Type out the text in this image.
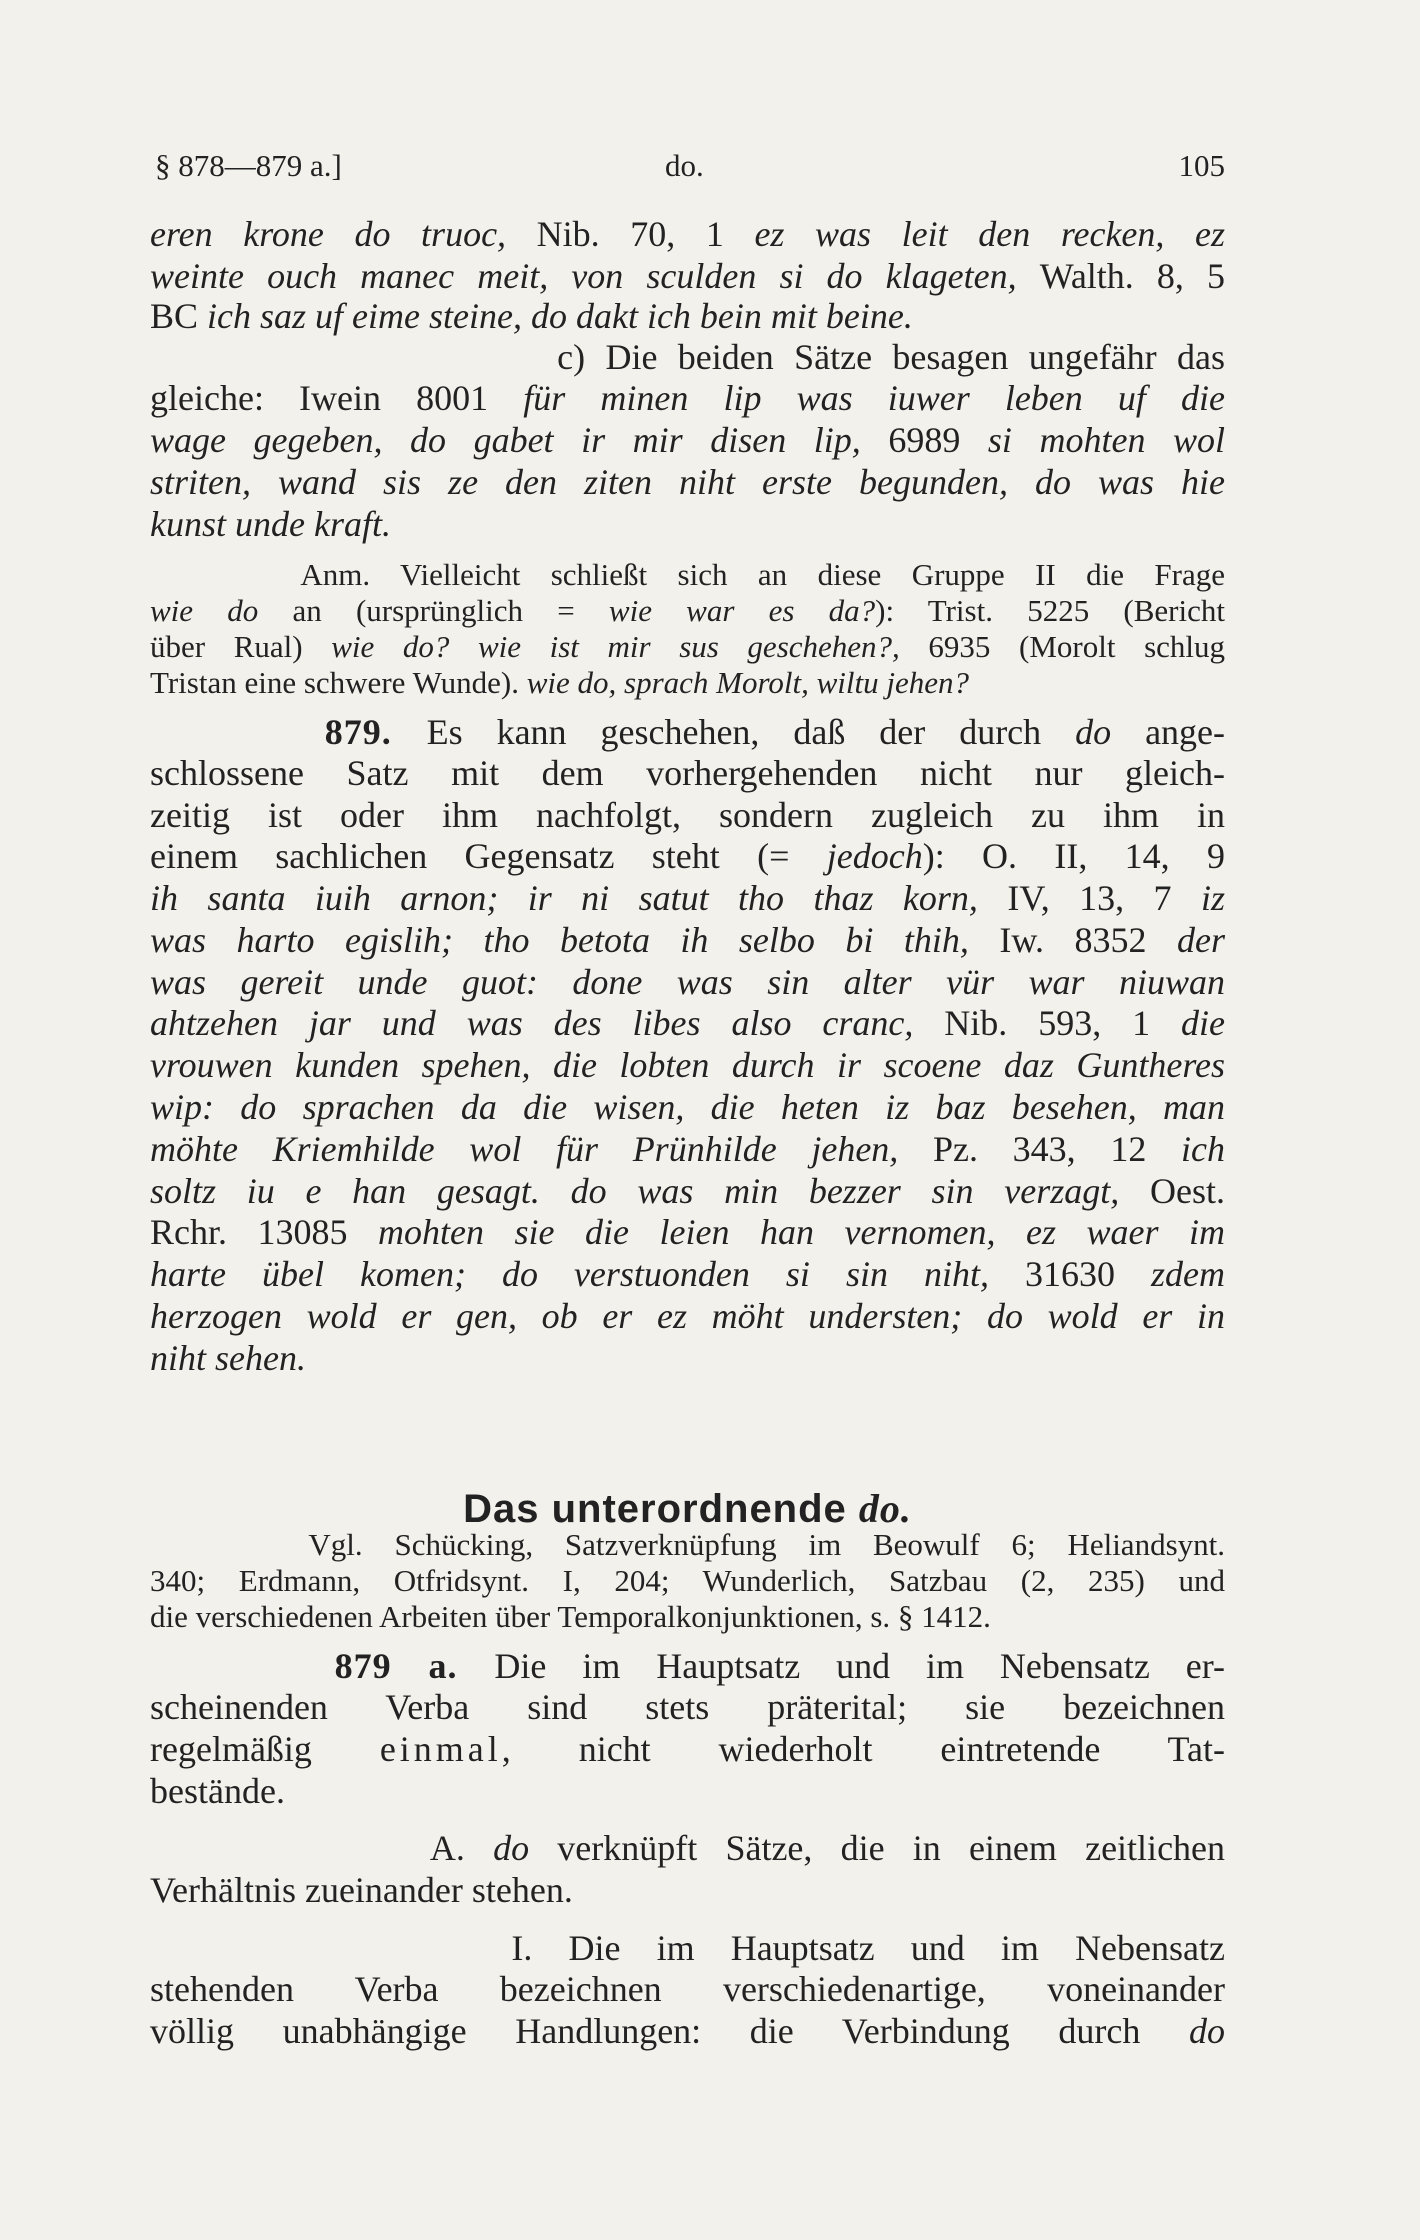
§ 878—879 a.]	do.	105
eren krone do truoc, Nib. 70, 1 ez was leit den recken, ez
weinte ouch manec meit, von sculden si do klageten, Walth. 8, 5
BC ich saz uf eime steine, do dakt ich bein mit beine.
c) Die beiden Sätze besagen ungefähr das
gleiche: Iwein 8001 für minen lip was iuwer leben uf die
wage gegeben, do gabet ir mir disen lip, 6989 si mohten wol
striten, wand sis ze den ziten niht erste begunden, do was hie
kunst unde kraft.
Anm. Vielleicht schließt sich an diese Gruppe II die Frage
wie do an (ursprünglich = wie war es da?): Trist. 5225 (Bericht
über Rual) wie do? wie ist mir sus geschehen?, 6935 (Morolt schlug
Tristan eine schwere Wunde). wie do, sprach Morolt, wiltu jehen?
879. Es kann geschehen, daß der durch do ange-
schlossene Satz mit dem vorhergehenden nicht nur gleich-
zeitig ist oder ihm nachfolgt, sondern zugleich zu ihm in
einem sachlichen Gegensatz steht (= jedoch): O. II, 14, 9
ih santa iuih arnon; ir ni satut tho thaz korn, IV, 13, 7 iz
was harto egislih; tho betota ih selbo bi thih, Iw. 8352 der
was gereit unde guot: done was sin alter vür war niuwan
ahtzehen jar und was des libes also cranc, Nib. 593, 1 die
vrouwen kunden spehen, die lobten durch ir scoene daz Guntheres
wip: do sprachen da die wisen, die heten iz baz besehen, man
möhte Kriemhilde wol für Prünhilde jehen, Pz. 343, 12 ich
soltz iu e han gesagt. do was min bezzer sin verzagt, Oest.
Rchr. 13085 mohten sie die leien han vernomen, ez waer im
harte übel komen; do verstuonden si sin niht, 31630 zdem
herzogen wold er gen, ob er ez möht understen; do wold er in
niht sehen.
Das unterordnende do.
Vgl. Schücking, Satzverknüpfung im Beowulf 6; Heliandsynt.
340; Erdmann, Otfridsynt. I, 204; Wunderlich, Satzbau (2, 235) und
die verschiedenen Arbeiten über Temporalkonjunktionen, s. § 1412.
879 a. Die im Hauptsatz und im Nebensatz er-
scheinenden Verba sind stets präterital; sie bezeichnen
regelmäßig einmal, nicht wiederholt eintretende Tat-
bestände.
A. do verknüpft Sätze, die in einem zeitlichen
Verhältnis zueinander stehen.
I. Die im Hauptsatz und im Nebensatz
stehenden Verba bezeichnen verschiedenartige, voneinander
völlig unabhängige Handlungen: die Verbindung durch do
